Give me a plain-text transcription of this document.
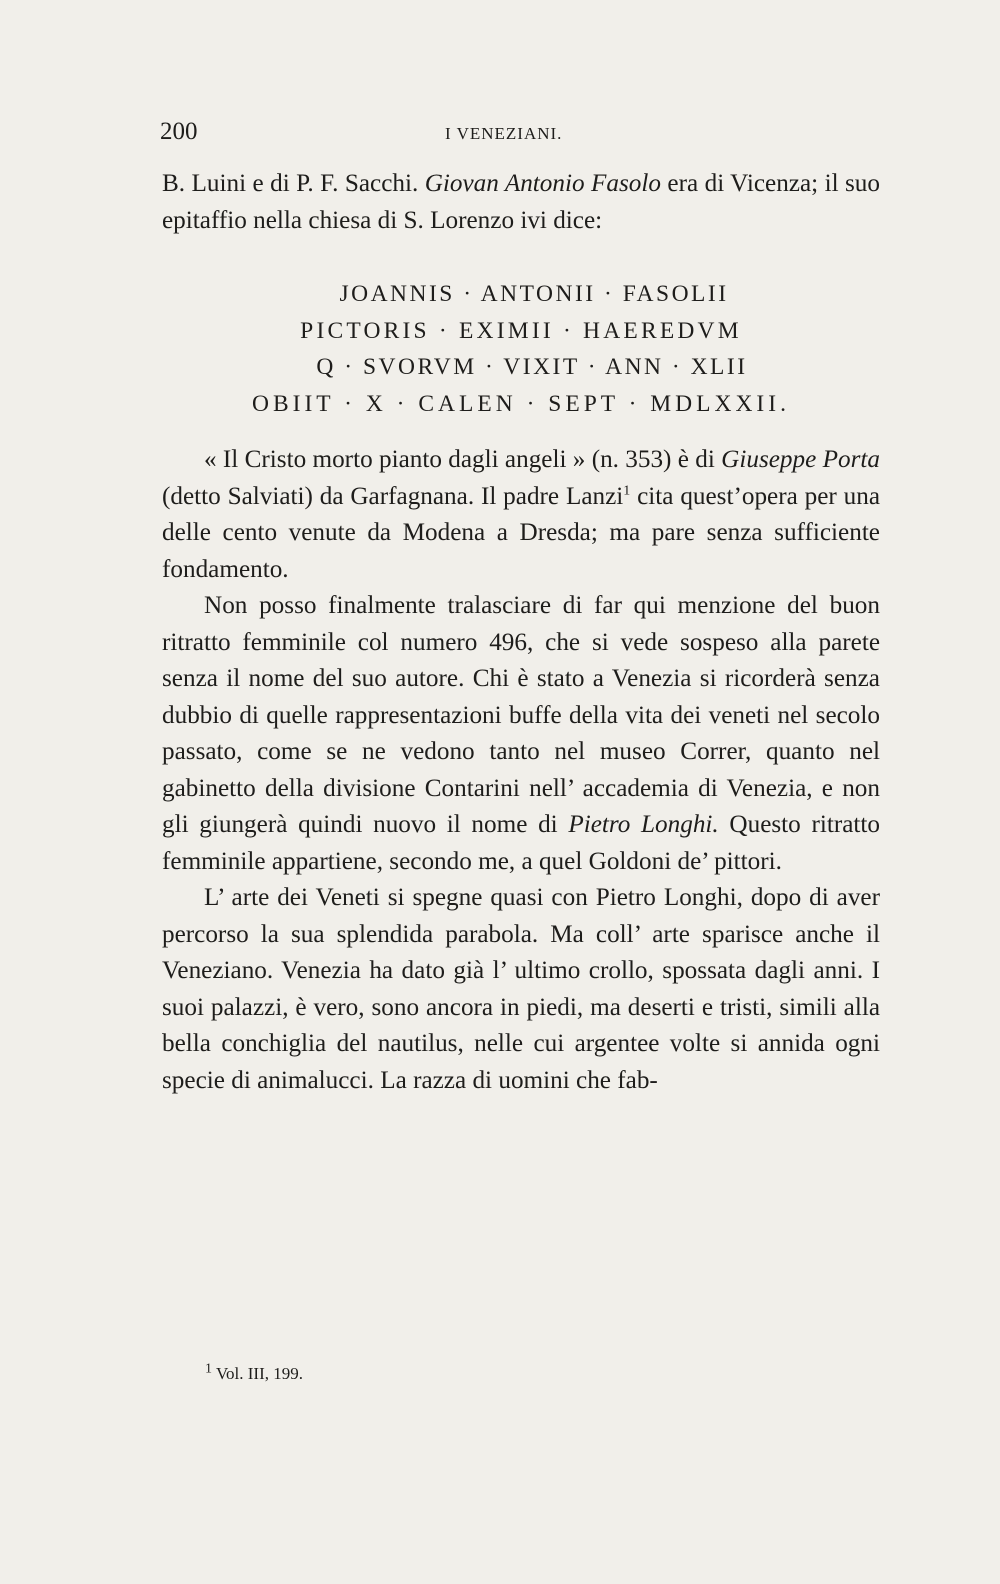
200	I VENEZIANI.

B. Luini e di P. F. Sacchi. Giovan Antonio Fasolo era di Vicenza; il suo epitaffio nella chiesa di S. Lorenzo ivi dice:

JOANNIS · ANTONII · FASOLII
PICTORIS · EXIMII · HAEREDVM
Q · SVORVM · VIXIT · ANN · XLII
OBIIT · X · CALEN · SEPT · MDLXXII.

« Il Cristo morto pianto dagli angeli » (n. 353) è di Giuseppe Porta (detto Salviati) da Garfagnana. Il padre Lanzi$^1$ cita quest’opera per una delle cento venute da Modena a Dresda; ma pare senza sufficiente fondamento.

Non posso finalmente tralasciare di far qui menzione del buon ritratto femminile col numero 496, che si vede sospeso alla parete senza il nome del suo autore. Chi è stato a Venezia si ricorderà senza dubbio di quelle rappresentazioni buffe della vita dei veneti nel secolo passato, come se ne vedono tanto nel museo Correr, quanto nel gabinetto della divisione Contarini nell’ accademia di Venezia, e non gli giungerà quindi nuovo il nome di Pietro Longhi. Questo ritratto femminile appartiene, secondo me, a quel Goldoni de’ pittori.

L’ arte dei Veneti si spegne quasi con Pietro Longhi, dopo di aver percorso la sua splendida parabola. Ma coll’ arte sparisce anche il Veneziano. Venezia ha dato già l’ ultimo crollo, spossata dagli anni. I suoi palazzi, è vero, sono ancora in piedi, ma deserti e tristi, simili alla bella conchiglia del nautilus, nelle cui argentee volte si annida ogni specie di animalucci. La razza di uomini che fab-

$^1$ Vol. III, 199.
